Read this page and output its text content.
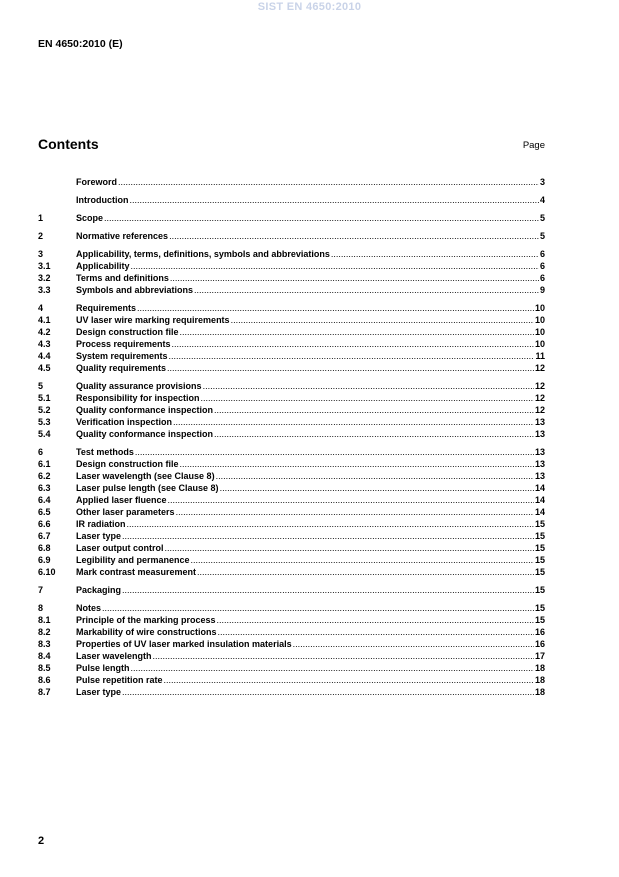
SIST EN 4650:2010
EN 4650:2010 (E)
Contents	Page
Foreword .....	3
Introduction .....	4
1	Scope .....	5
2	Normative references .....	5
3	Applicability, terms, definitions, symbols and abbreviations .....	6
3.1	Applicability .....	6
3.2	Terms and definitions .....	6
3.3	Symbols and abbreviations .....	9
4	Requirements .....	10
4.1	UV laser wire marking requirements .....	10
4.2	Design construction file .....	10
4.3	Process requirements .....	10
4.4	System requirements .....	11
4.5	Quality requirements .....	12
5	Quality assurance provisions .....	12
5.1	Responsibility for inspection .....	12
5.2	Quality conformance inspection .....	12
5.3	Verification inspection .....	13
5.4	Quality conformance inspection .....	13
6	Test methods .....	13
6.1	Design construction file .....	13
6.2	Laser wavelength (see Clause 8) .....	13
6.3	Laser pulse length (see Clause 8) .....	14
6.4	Applied laser fluence .....	14
6.5	Other laser parameters .....	14
6.6	IR radiation .....	15
6.7	Laser type .....	15
6.8	Laser output control .....	15
6.9	Legibility and permanence .....	15
6.10	Mark contrast measurement .....	15
7	Packaging .....	15
8	Notes .....	15
8.1	Principle of the marking process .....	15
8.2	Markability of wire constructions .....	16
8.3	Properties of UV laser marked insulation materials .....	16
8.4	Laser wavelength .....	17
8.5	Pulse length .....	18
8.6	Pulse repetition rate .....	18
8.7	Laser type .....	18
2
